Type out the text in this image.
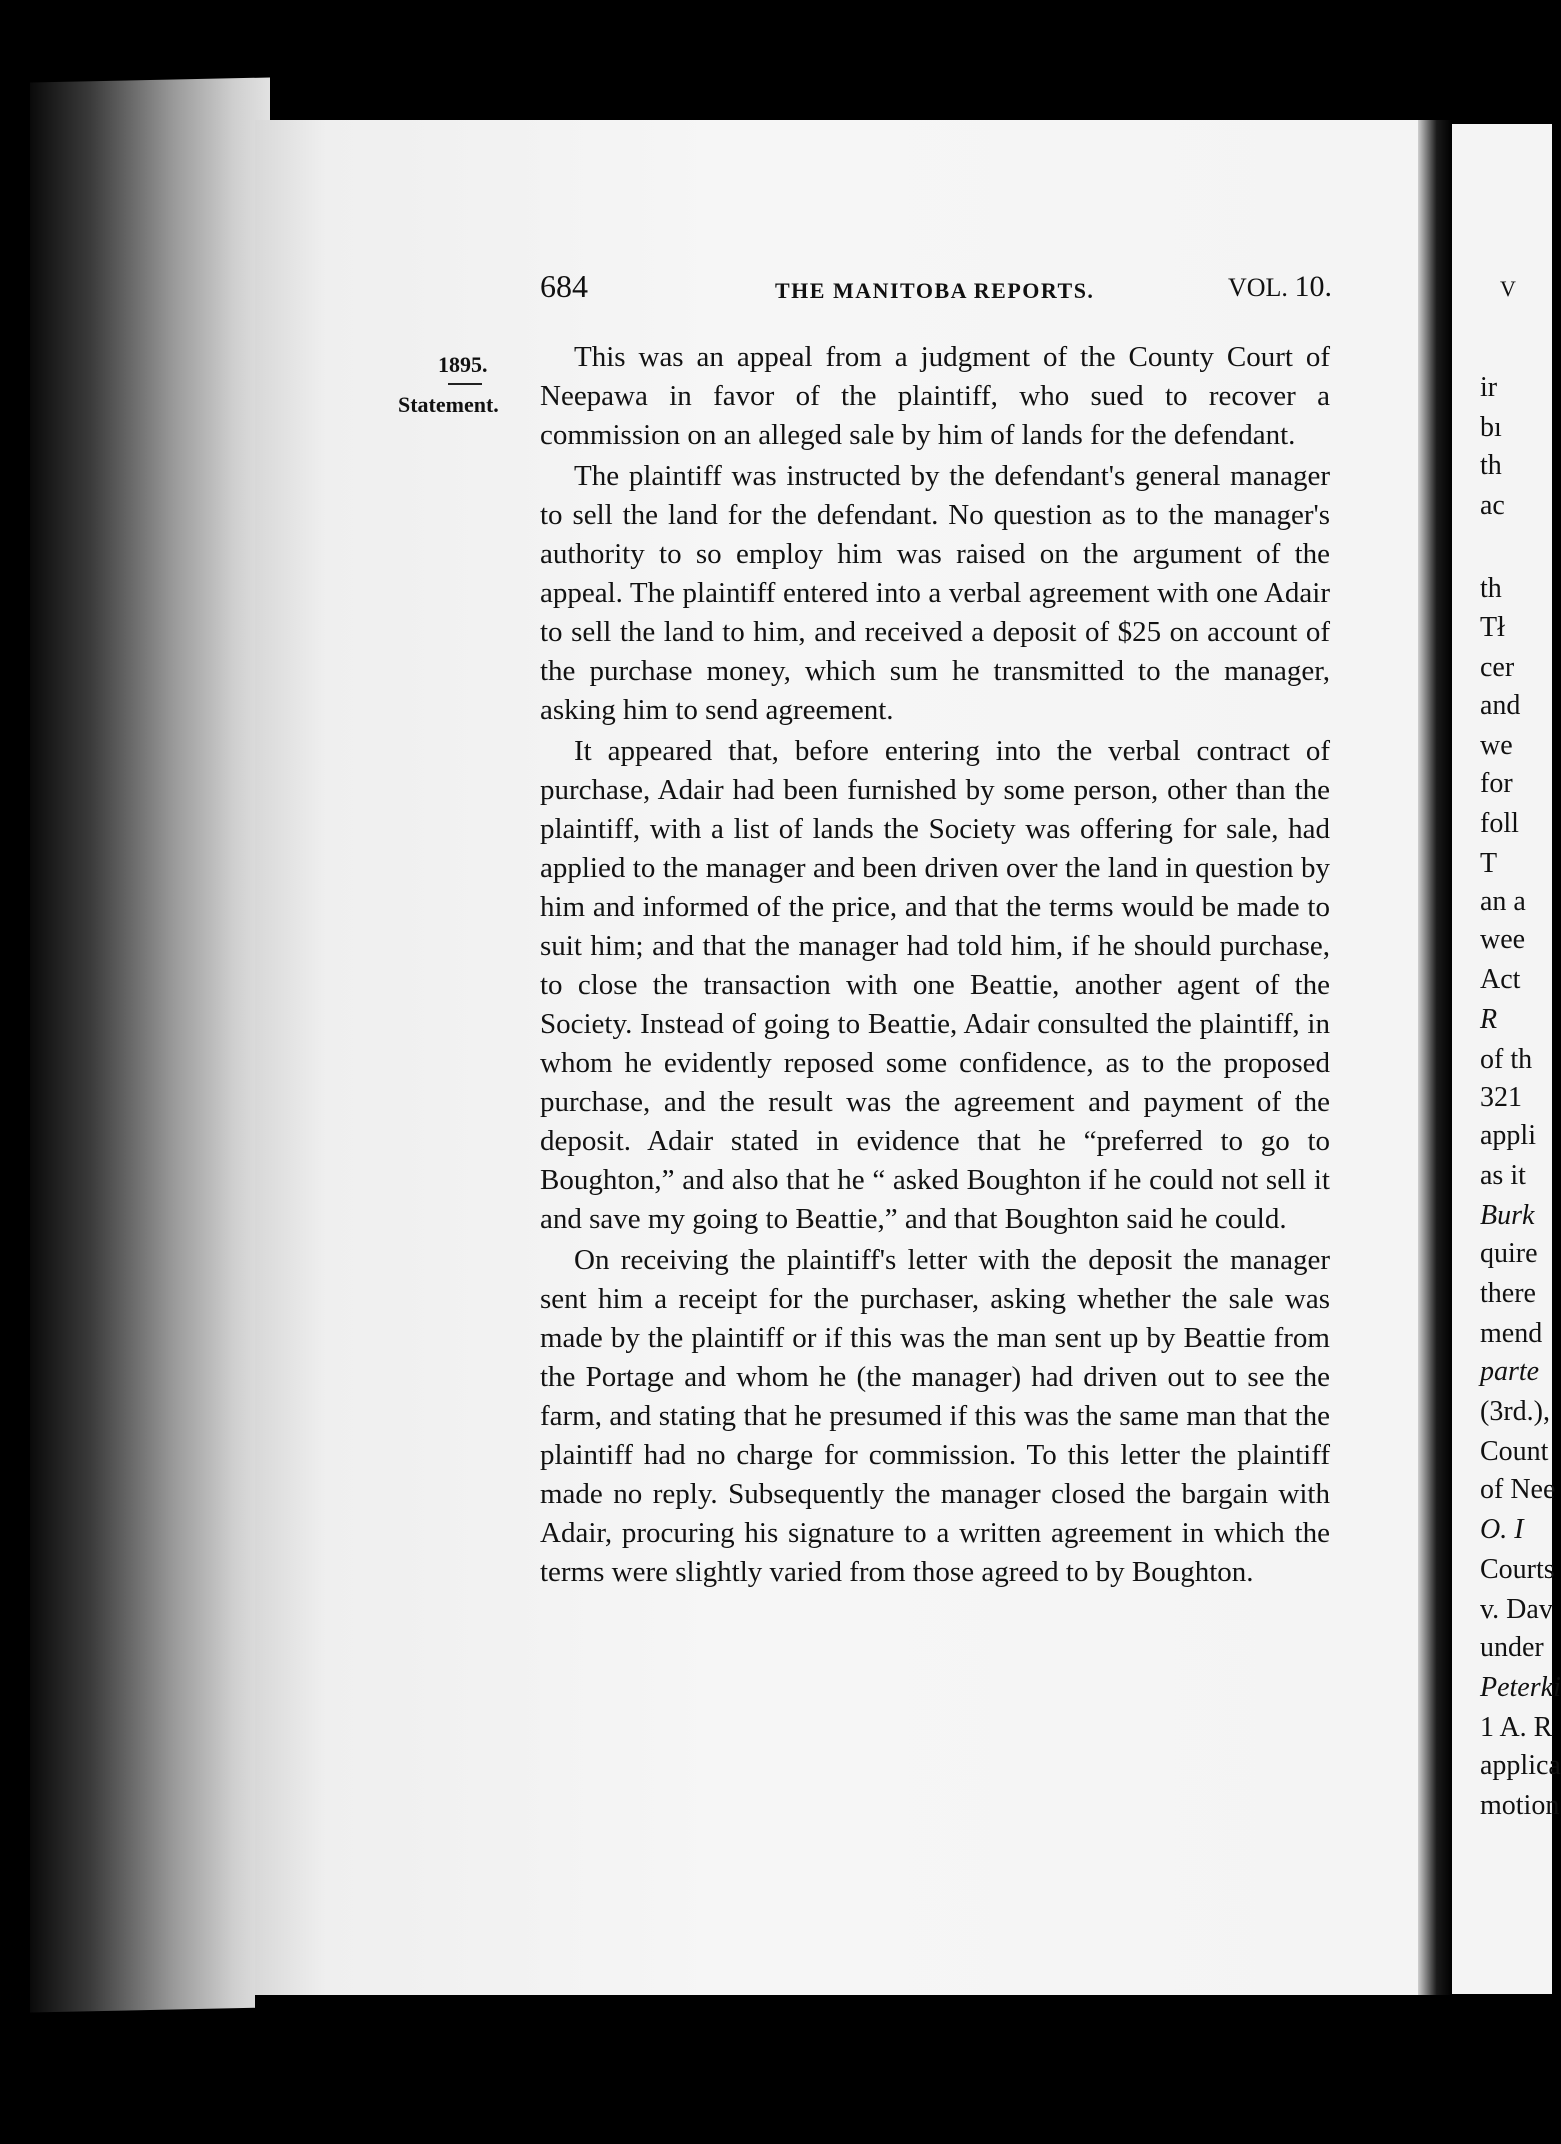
684	THE MANITOBA REPORTS.	VOL. 10.
1895.
Statement.

This was an appeal from a judgment of the County Court of Neepawa in favor of the plaintiff, who sued to recover a commission on an alleged sale by him of lands for the defendant.

The plaintiff was instructed by the defendant's general manager to sell the land for the defendant. No question as to the manager's authority to so employ him was raised on the argument of the appeal. The plaintiff entered into a verbal agreement with one Adair to sell the land to him, and received a deposit of $25 on account of the purchase money, which sum he transmitted to the manager, asking him to send agreement.

It appeared that, before entering into the verbal contract of purchase, Adair had been furnished by some person, other than the plaintiff, with a list of lands the Society was offering for sale, had applied to the manager and been driven over the land in question by him and informed of the price, and that the terms would be made to suit him; and that the manager had told him, if he should purchase, to close the transaction with one Beattie, another agent of the Society. Instead of going to Beattie, Adair consulted the plaintiff, in whom he evidently reposed some confidence, as to the proposed purchase, and the result was the agreement and payment of the deposit. Adair stated in evidence that he “preferred to go to Boughton,” and also that he “ asked Boughton if he could not sell it and save my going to Beattie,” and that Boughton said he could.

On receiving the plaintiff's letter with the deposit the manager sent him a receipt for the purchaser, asking whether the sale was made by the plaintiff or if this was the man sent up by Beattie from the Portage and whom he (the manager) had driven out to see the farm, and stating that he presumed if this was the same man that the plaintiff had no charge for commission. To this letter the plaintiff made no reply. Subsequently the manager closed the bargain with Adair, procuring his signature to a written agreement in which the terms were slightly varied from those agreed to by Boughton.

V
ir
bı
th
ac
th
Tł
cer
and
we
for
foll
T
an a
wee
Act
R
of th
321
appli
as it
Burk
quire
there
mend
parte
(3rd.),
Count
of Nee
O. I
Courts
v. Dav
under
Peterki
1 A. R
applica
motion
